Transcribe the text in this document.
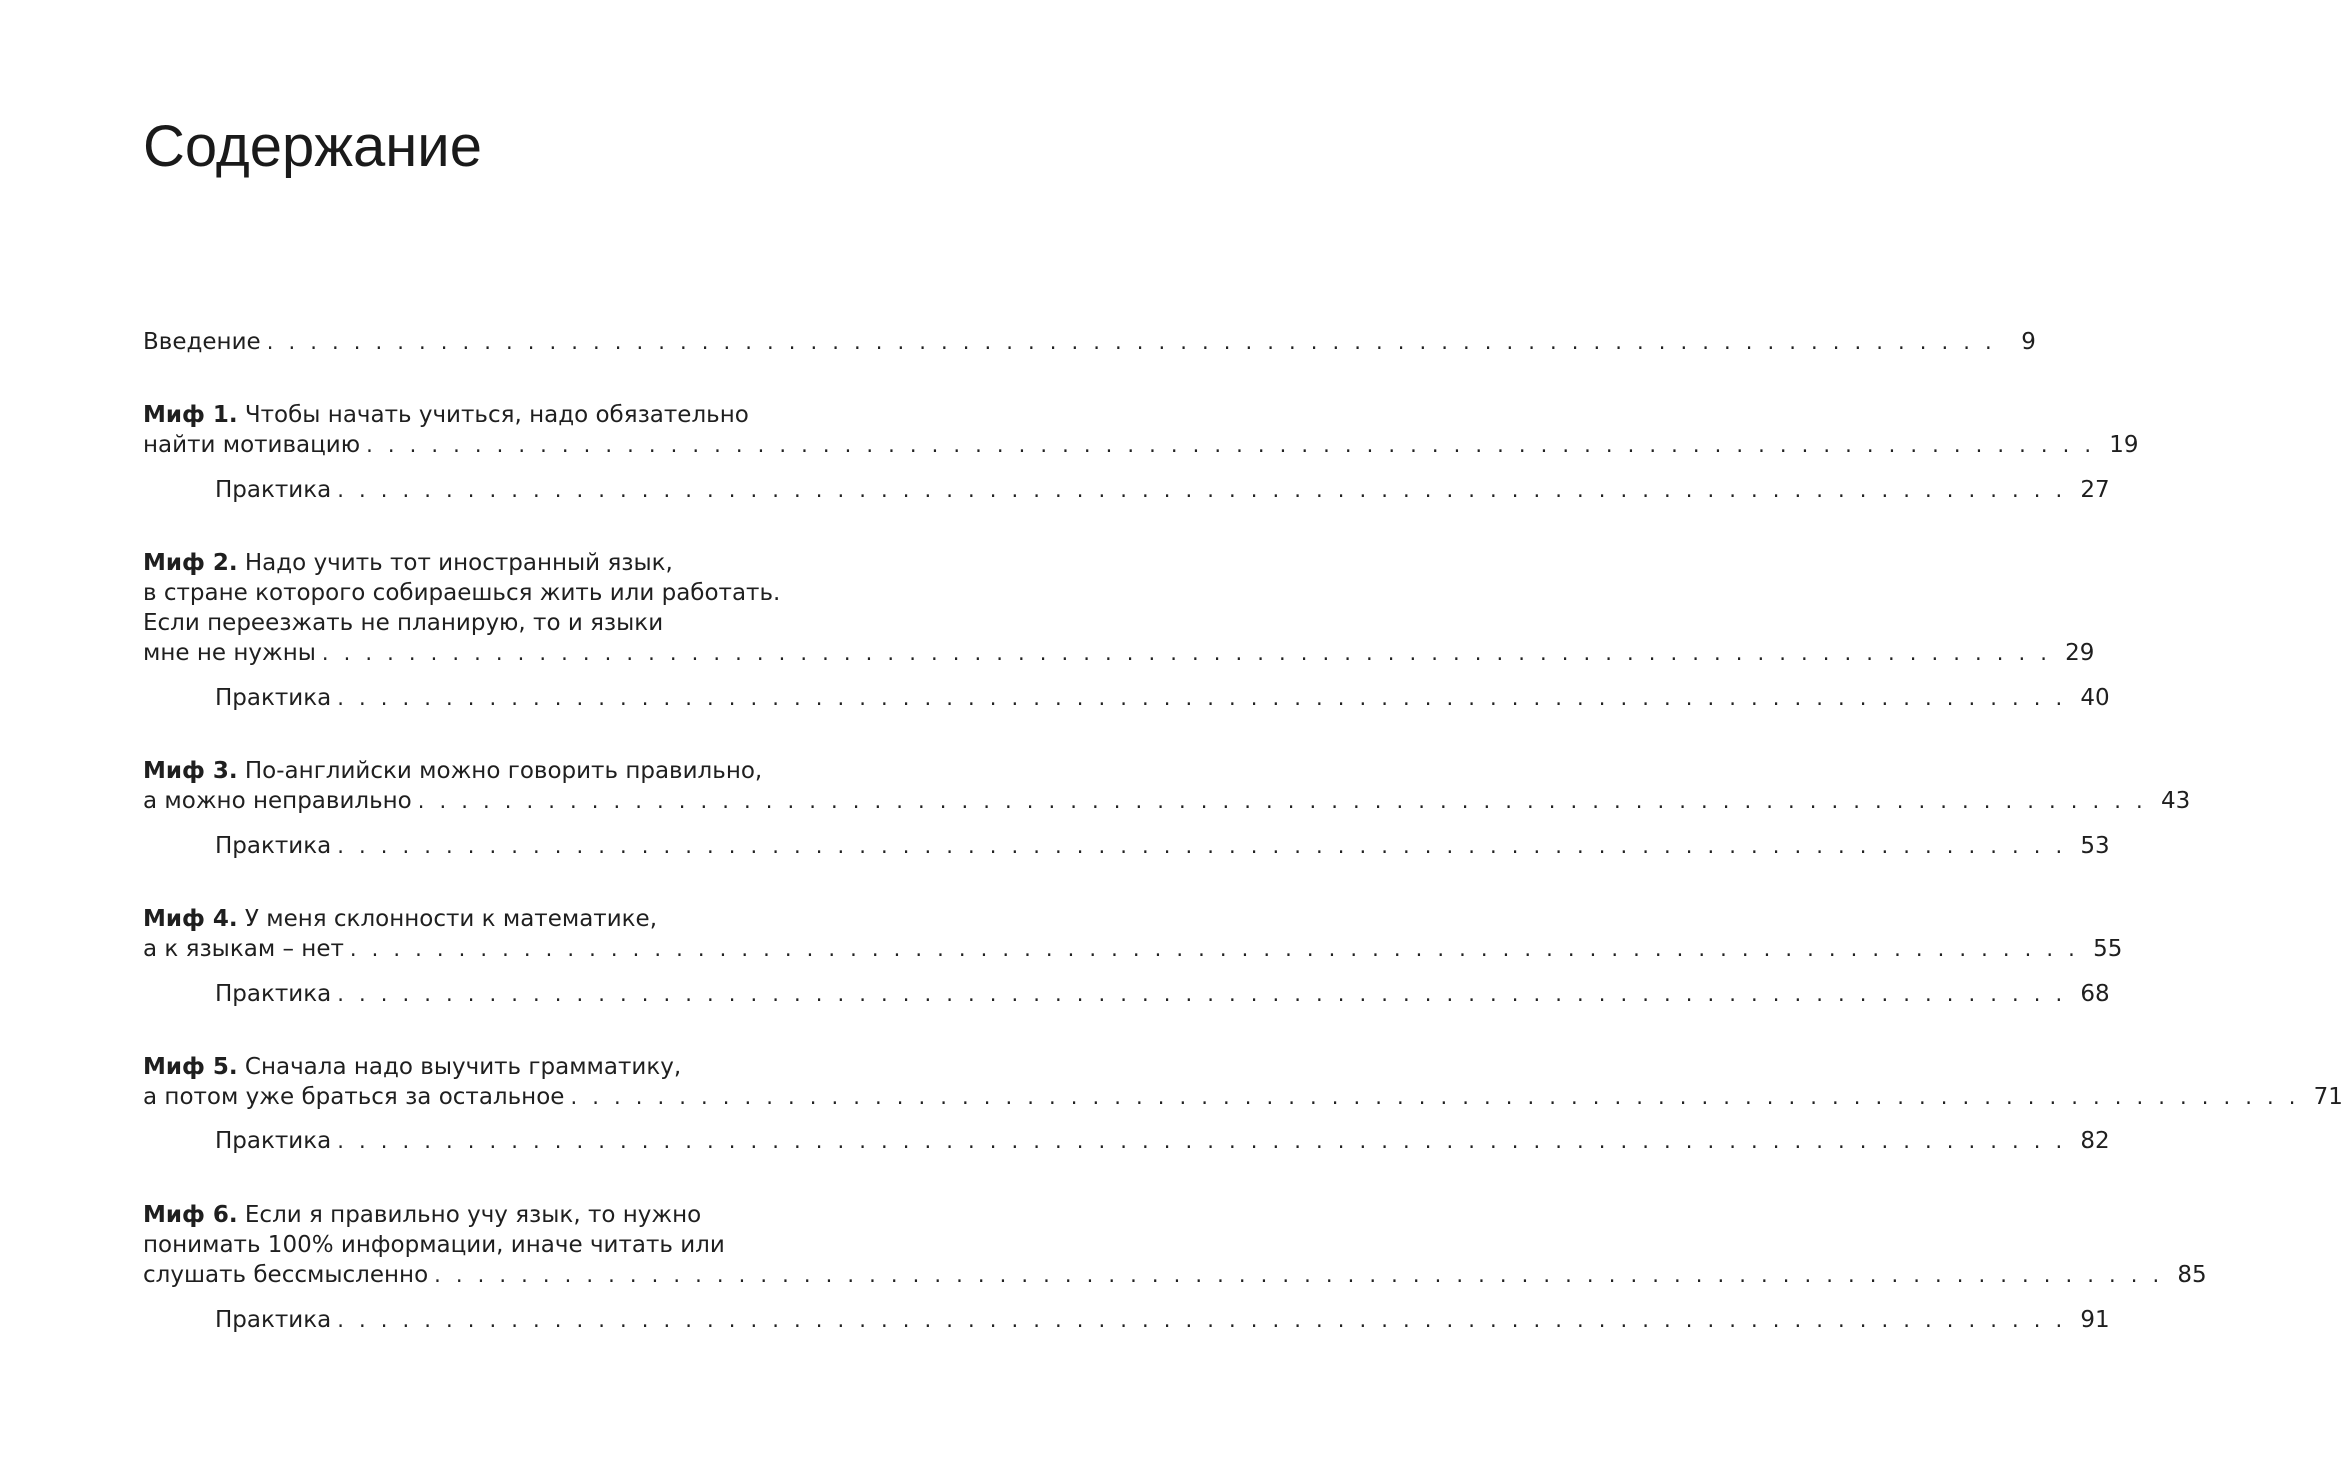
Содержание
Введение . . . . . . . . . . . . . . . . . . . . . . . . . . . . . . . . . . . . . . . . . . . . . . . . . . . . . . . . . . . . . . . . . . . . . . . . . . . . . . . .	9
Миф 1. Чтобы начать учиться, надо обязательно
найти мотивацию . . . . . . . . . . . . . . . . . . . . . . . . . . . . . . . . . . . . . . . . . . . . . . . . . . . . . . . . . . . . . . . . . . . . . . . . . . . . . . . . 19
Практика . . . . . . . . . . . . . . . . . . . . . . . . . . . . . . . . . . . . . . . . . . . . . . . . . . . . . . . . . . . . . . . . . . . . . . . . . . . . . . . . 27
Миф 2. Надо учить тот иностранный язык,
в стране которого собираешься жить или работать.
Если переезжать не планирую, то и языки
мне не нужны . . . . . . . . . . . . . . . . . . . . . . . . . . . . . . . . . . . . . . . . . . . . . . . . . . . . . . . . . . . . . . . . . . . . . . . . . . . . . . . . 29
Практика . . . . . . . . . . . . . . . . . . . . . . . . . . . . . . . . . . . . . . . . . . . . . . . . . . . . . . . . . . . . . . . . . . . . . . . . . . . . . . . . 40
Миф 3. По-английски можно говорить правильно,
а можно неправильно . . . . . . . . . . . . . . . . . . . . . . . . . . . . . . . . . . . . . . . . . . . . . . . . . . . . . . . . . . . . . . . . . . . . . . . . . . . . . . . . 43
Практика . . . . . . . . . . . . . . . . . . . . . . . . . . . . . . . . . . . . . . . . . . . . . . . . . . . . . . . . . . . . . . . . . . . . . . . . . . . . . . . . 53
Миф 4. У меня склонности к математике,
а к языкам – нет . . . . . . . . . . . . . . . . . . . . . . . . . . . . . . . . . . . . . . . . . . . . . . . . . . . . . . . . . . . . . . . . . . . . . . . . . . . . . . . . 55
Практика . . . . . . . . . . . . . . . . . . . . . . . . . . . . . . . . . . . . . . . . . . . . . . . . . . . . . . . . . . . . . . . . . . . . . . . . . . . . . . . . 68
Миф 5. Сначала надо выучить грамматику,
а потом уже браться за остальное . . . . . . . . . . . . . . . . . . . . . . . . . . . . . . . . . . . . . . . . . . . . . . . . . . . . . . . . . . . . . . . . . . . . . . . . . . . . . . . . 71
Практика . . . . . . . . . . . . . . . . . . . . . . . . . . . . . . . . . . . . . . . . . . . . . . . . . . . . . . . . . . . . . . . . . . . . . . . . . . . . . . . . 82
Миф 6. Если я правильно учу язык, то нужно
понимать 100% информации, иначе читать или
слушать бессмысленно . . . . . . . . . . . . . . . . . . . . . . . . . . . . . . . . . . . . . . . . . . . . . . . . . . . . . . . . . . . . . . . . . . . . . . . . . . . . . . . . 85
Практика . . . . . . . . . . . . . . . . . . . . . . . . . . . . . . . . . . . . . . . . . . . . . . . . . . . . . . . . . . . . . . . . . . . . . . . . . . . . . . . . 91
